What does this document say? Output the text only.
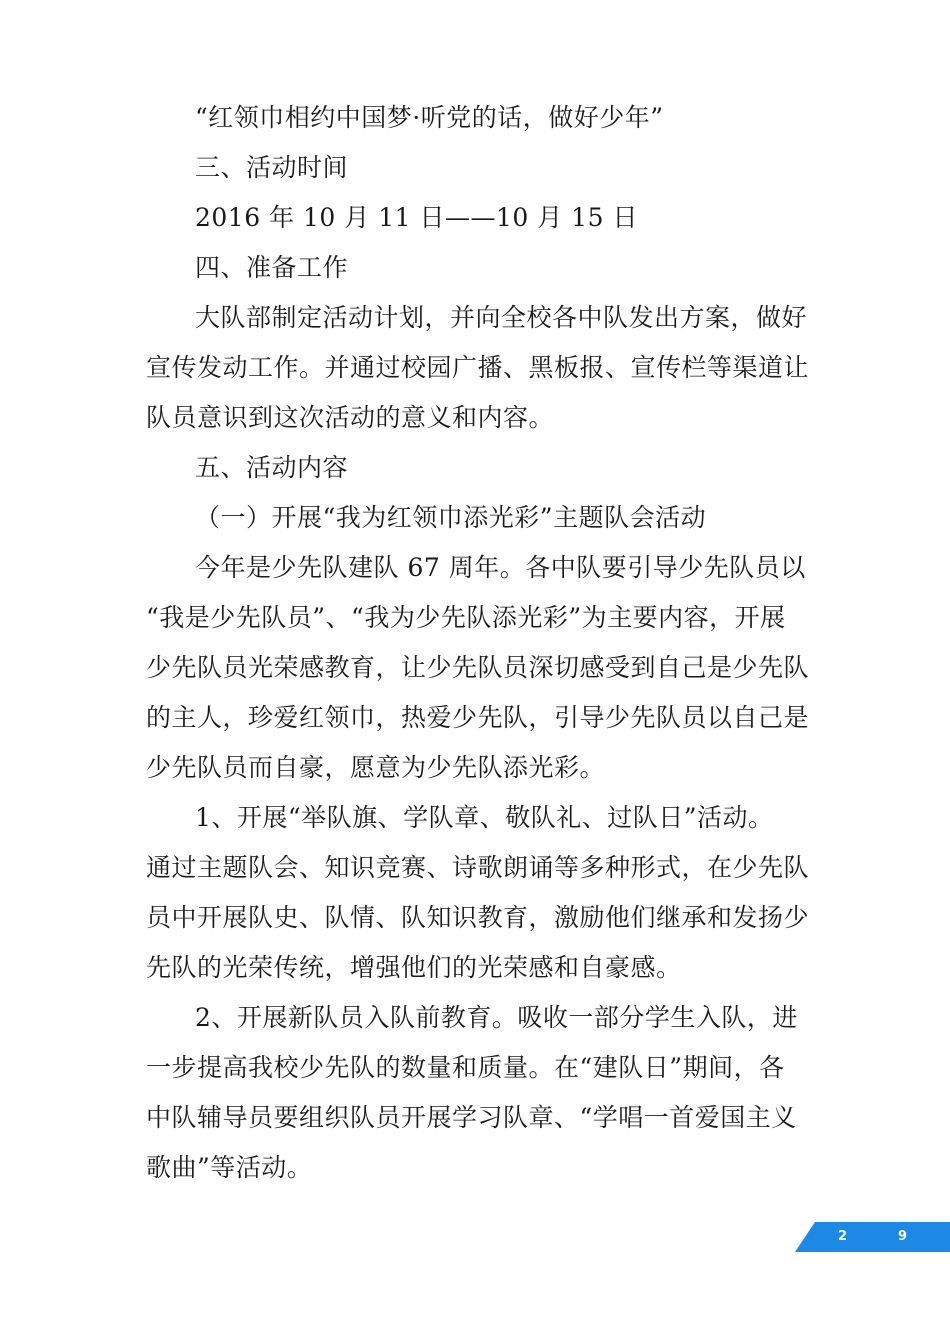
“红领巾相约中国梦·听党的话，做好少年”
三、活动时间
2016 年 10 月 11 日——10 月 15 日
四、准备工作
大队部制定活动计划，并向全校各中队发出方案，做好
宣传发动工作。并通过校园广播、黑板报、宣传栏等渠道让
队员意识到这次活动的意义和内容。
五、活动内容
（一）开展“我为红领巾添光彩”主题队会活动
今年是少先队建队 67 周年。各中队要引导少先队员以
“我是少先队员”、“我为少先队添光彩”为主要内容，开展
少先队员光荣感教育，让少先队员深切感受到自己是少先队
的主人，珍爱红领巾，热爱少先队，引导少先队员以自己是
少先队员而自豪，愿意为少先队添光彩。
1、开展“举队旗、学队章、敬队礼、过队日”活动。
通过主题队会、知识竞赛、诗歌朗诵等多种形式，在少先队
员中开展队史、队情、队知识教育，激励他们继承和发扬少
先队的光荣传统，增强他们的光荣感和自豪感。
2、开展新队员入队前教育。吸收一部分学生入队，进
一步提高我校少先队的数量和质量。在“建队日”期间，各
中队辅导员要组织队员开展学习队章、“学唱一首爱国主义
歌曲”等活动。
2	9
